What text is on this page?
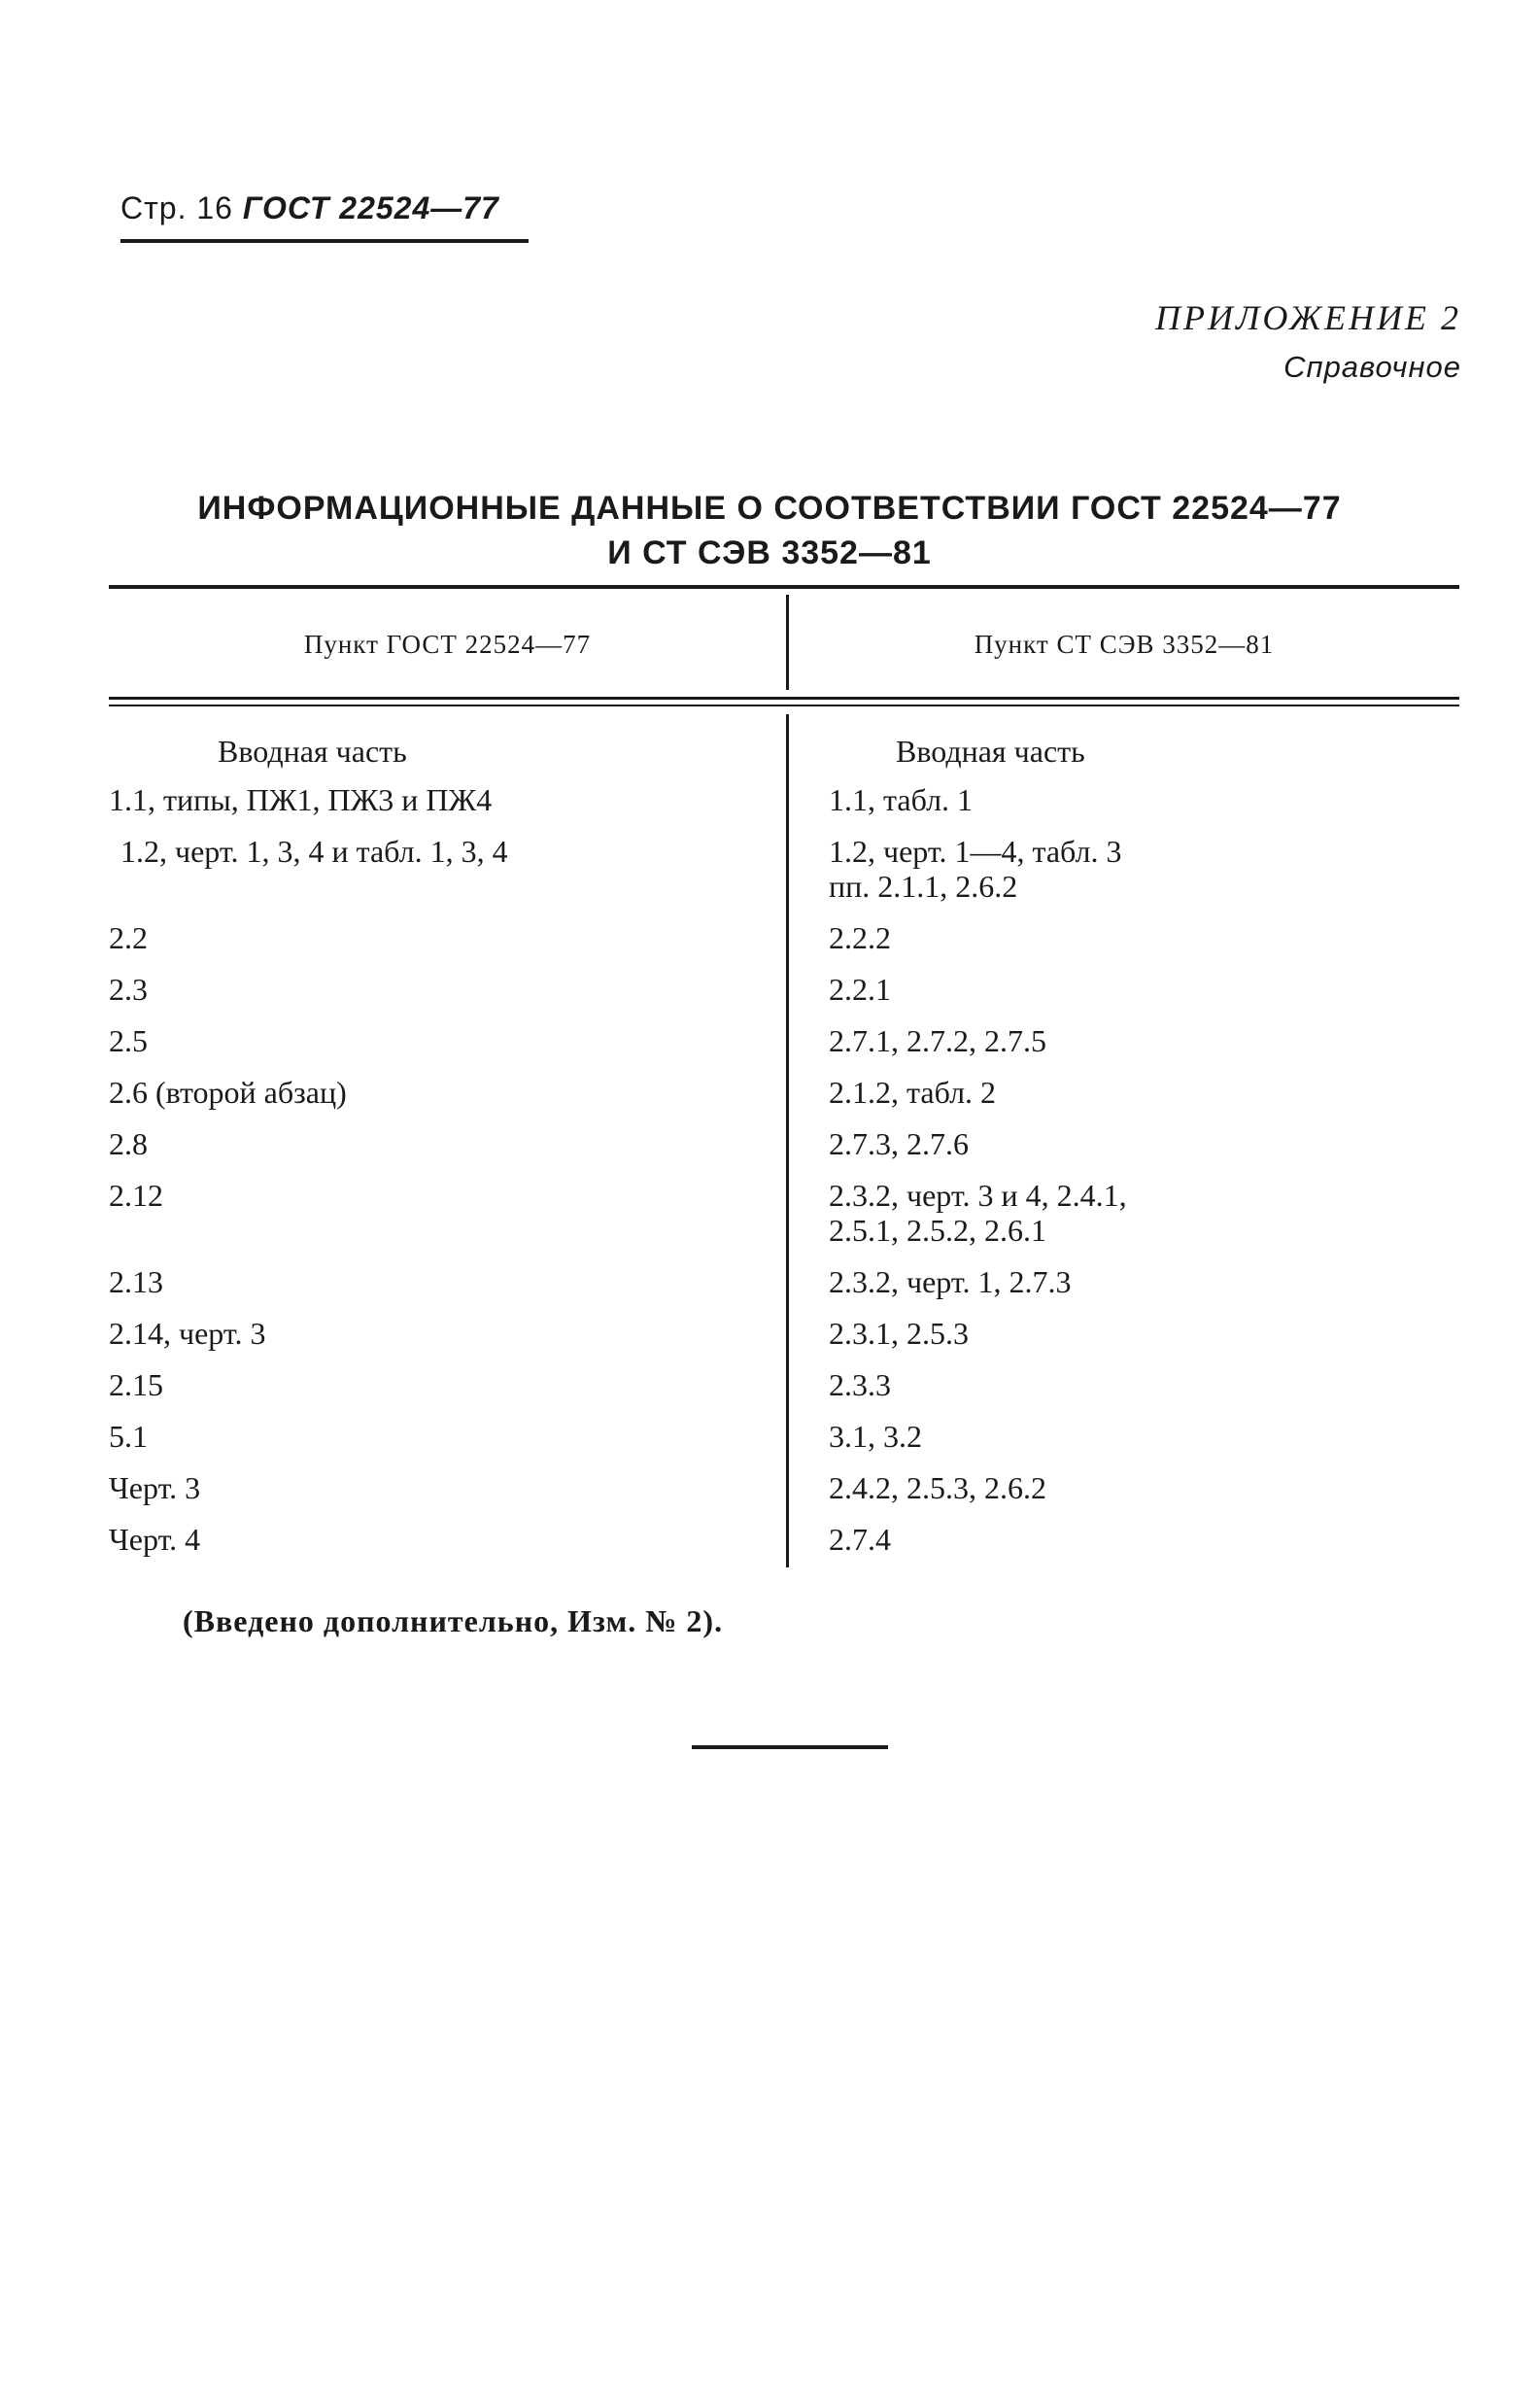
Стр. 16 ГОСТ 22524—77
ПРИЛОЖЕНИЕ 2
Справочное
ИНФОРМАЦИОННЫЕ ДАННЫЕ О СООТВЕТСТВИИ ГОСТ 22524—77
И СТ СЭВ 3352—81
Пункт ГОСТ 22524—77	Пункт СТ СЭВ 3352—81
Вводная часть	Вводная часть
1.1, типы, ПЖ1, ПЖ3 и ПЖ4	1.1, табл. 1
1.2, черт. 1, 3, 4 и табл. 1, 3, 4	1.2, черт. 1—4, табл. 3
пп. 2.1.1, 2.6.2
2.2	2.2.2
2.3	2.2.1
2.5	2.7.1, 2.7.2, 2.7.5
2.6 (второй абзац)	2.1.2, табл. 2
2.8	2.7.3, 2.7.6
2.12	2.3.2, черт. 3 и 4, 2.4.1,
2.5.1, 2.5.2, 2.6.1
2.13	2.3.2, черт. 1, 2.7.3
2.14, черт. 3	2.3.1, 2.5.3
2.15	2.3.3
5.1	3.1, 3.2
Черт. 3	2.4.2, 2.5.3, 2.6.2
Черт. 4	2.7.4
(Введено дополнительно, Изм. № 2).
